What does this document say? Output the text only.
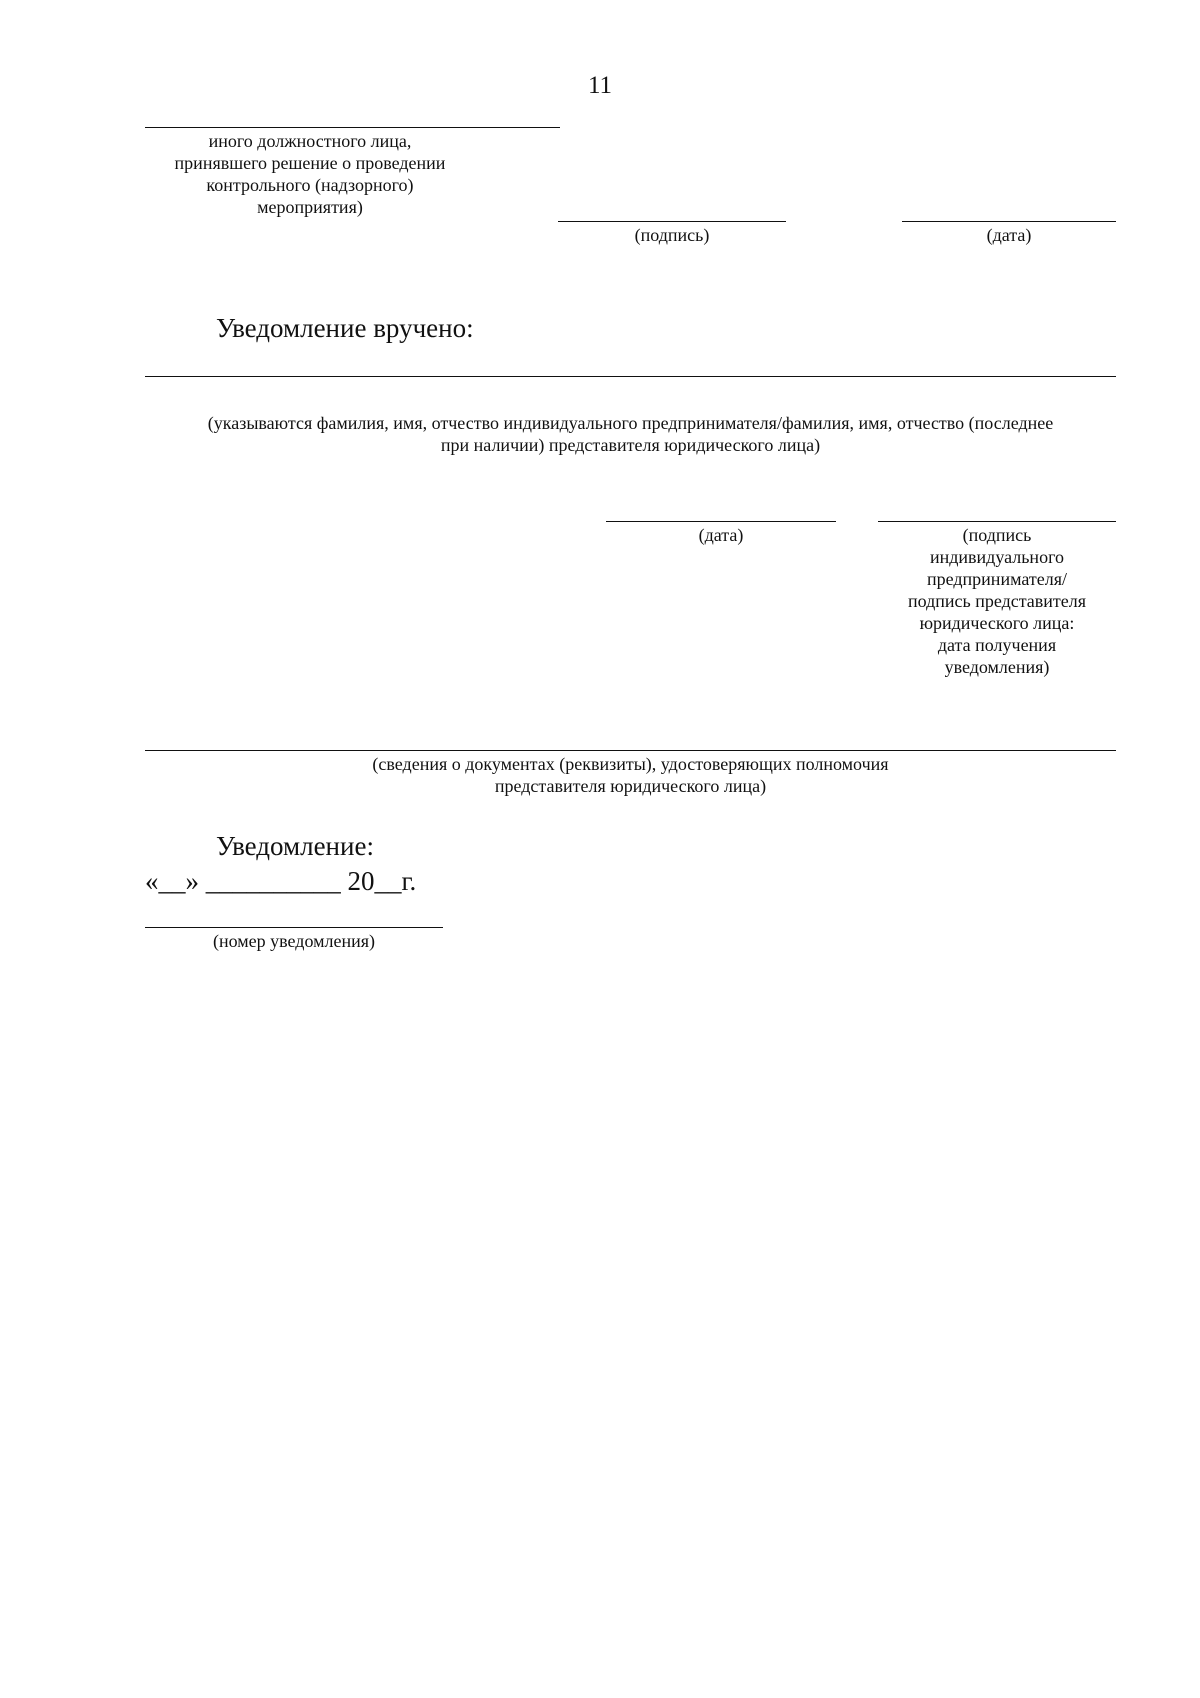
11
иного должностного лица,
принявшего решение о проведении
контрольного (надзорного)
мероприятия)
(подпись)	(дата)
Уведомление вручено:
(указываются фамилия, имя, отчество индивидуального предпринимателя/фамилия, имя, отчество (последнее
при наличии) представителя юридического лица)
(дата)	(подпись
индивидуального
предпринимателя/
подпись представителя
юридического лица:
дата получения
уведомления)
(сведения о документах (реквизиты), удостоверяющих полномочия
представителя юридического лица)
Уведомление:
«__» __________ 20__г.
(номер уведомления)
